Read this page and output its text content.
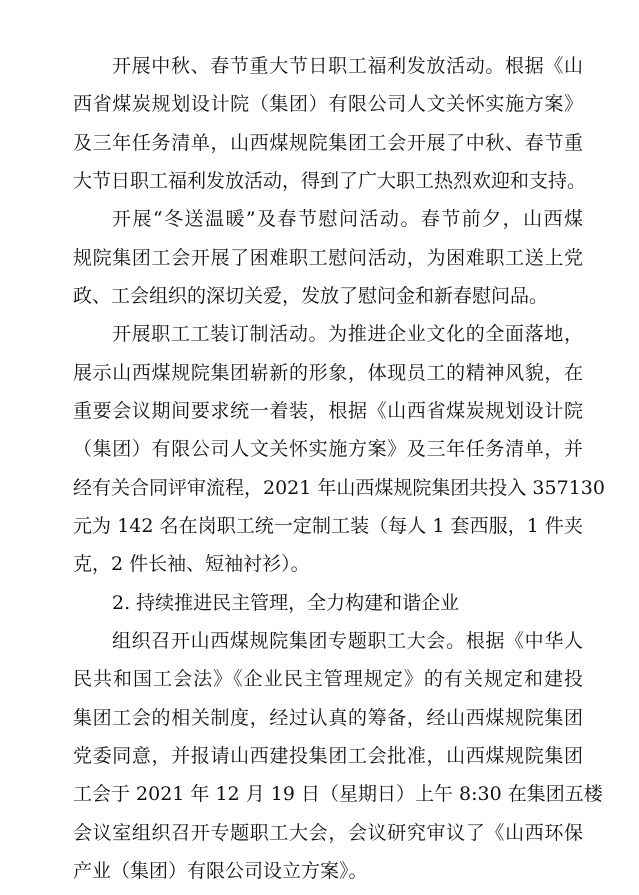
开展中秋、春节重大节日职工福利发放活动。根据《山
西省煤炭规划设计院（集团）有限公司人文关怀实施方案》
及三年任务清单，山西煤规院集团工会开展了中秋、春节重
大节日职工福利发放活动，得到了广大职工热烈欢迎和支持。
开展“冬送温暖”及春节慰问活动。春节前夕，山西煤
规院集团工会开展了困难职工慰问活动，为困难职工送上党
政、工会组织的深切关爱，发放了慰问金和新春慰问品。
开展职工工装订制活动。为推进企业文化的全面落地，
展示山西煤规院集团崭新的形象，体现员工的精神风貌，在
重要会议期间要求统一着装，根据《山西省煤炭规划设计院
（集团）有限公司人文关怀实施方案》及三年任务清单，并
经有关合同评审流程，2021 年山西煤规院集团共投入 357130
元为 142 名在岗职工统一定制工装（每人 1 套西服，1 件夹
克，2 件长袖、短袖衬衫）。
2. 持续推进民主管理，全力构建和谐企业
组织召开山西煤规院集团专题职工大会。根据《中华人
民共和国工会法》《企业民主管理规定》的有关规定和建投
集团工会的相关制度，经过认真的筹备，经山西煤规院集团
党委同意，并报请山西建投集团工会批准，山西煤规院集团
工会于 2021 年 12 月 19 日（星期日）上午 8:30 在集团五楼
会议室组织召开专题职工大会，会议研究审议了《山西环保
产业（集团）有限公司设立方案》。
